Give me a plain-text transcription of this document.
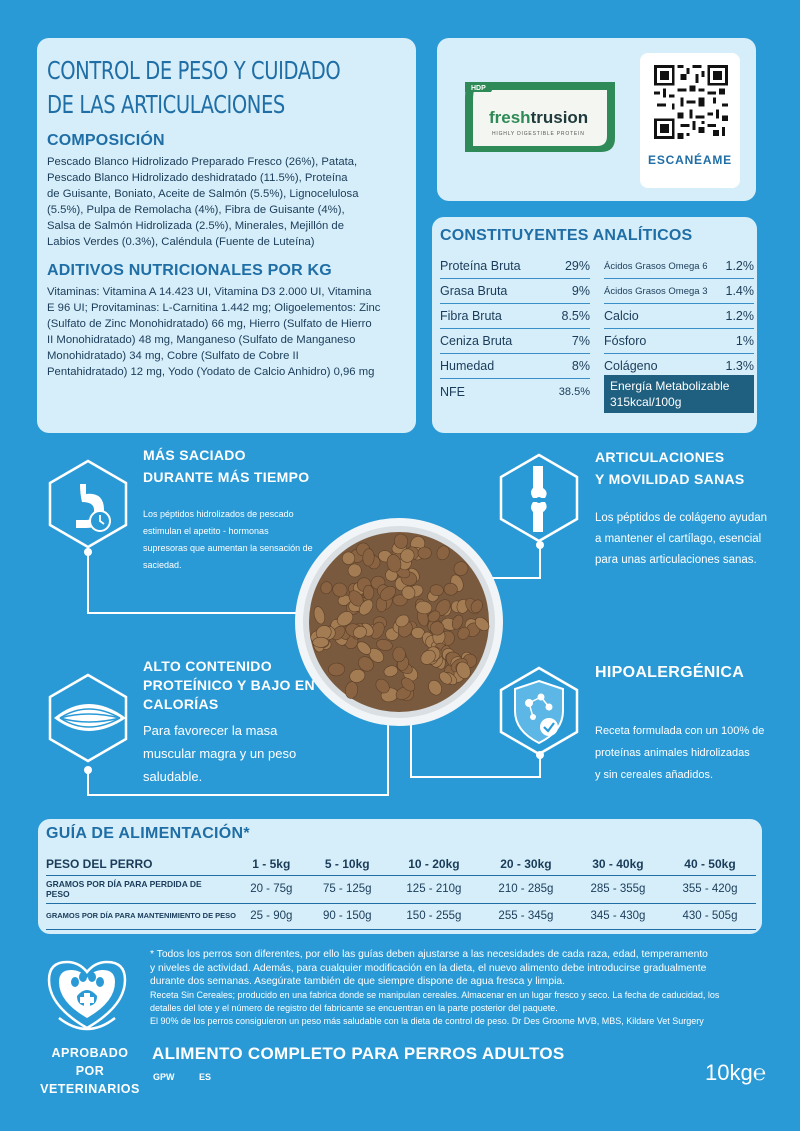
CONTROL DE PESO Y CUIDADO
DE LAS ARTICULACIONES
COMPOSICIÓN
Pescado Blanco Hidrolizado Preparado Fresco (26%), Patata,
Pescado Blanco Hidrolizado deshidratado (11.5%), Proteína
de Guisante, Boniato, Aceite de Salmón (5.5%), Lignocelulosa
(5.5%), Pulpa de Remolacha (4%), Fibra de Guisante (4%),
Salsa de Salmón Hidrolizada (2.5%), Minerales, Mejillón de
Labios Verdes (0.3%), Caléndula (Fuente de Luteína)
ADITIVOS NUTRICIONALES POR KG
Vitaminas: Vitamina A 14.423 UI, Vitamina D3 2.000 UI, Vitamina
E 96 UI; Provitaminas: L-Carnitina 1.442 mg; Oligoelementos: Zinc
(Sulfato de Zinc Monohidratado) 66 mg, Hierro (Sulfato de Hierro
II Monohidratado) 48 mg, Manganeso (Sulfato de Manganeso
Monohidratado) 34 mg, Cobre (Sulfato de Cobre II
Pentahidratado) 12 mg, Yodo (Yodato de Calcio Anhidro) 0,96 mg
HDP
freshtrusion
HIGHLY DIGESTIBLE PROTEIN
ESCANÉAME
CONSTITUYENTES ANALÍTICOS
Proteína Bruta	29%
Grasa Bruta	9%
Fibra Bruta	8.5%
Ceniza Bruta	7%
Humedad	8%
NFE	38.5%
Ácidos Grasos Omega 6 1.2%
Ácidos Grasos Omega 3 1.4%
Calcio	1.2%
Fósforo	1%
Colágeno	1.3%
Energía Metabolizable
315kcal/100g
MÁS SACIADO
DURANTE MÁS TIEMPO
Los péptidos hidrolizados de pescado
estimulan el apetito - hormonas
supresoras que aumentan la sensación de
saciedad.
ARTICULACIONES
Y MOVILIDAD SANAS
Los péptidos de colágeno ayudan
a mantener el cartílago, esencial
para unas articulaciones sanas.
ALTO CONTENIDO
PROTEÍNICO Y BAJO EN
CALORÍAS
Para favorecer la masa
muscular magra y un peso
saludable.
HIPOALERGÉNICA
Receta formulada con un 100% de
proteínas animales hidrolizadas
y sin cereales añadidos.
GUÍA DE ALIMENTACIÓN*
PESO DEL PERRO	1 - 5kg	5 - 10kg	10 - 20kg	20 - 30kg	30 - 40kg	40 - 50kg

GRAMOS POR DÍA PARA PERDIDA DE
PESO	20 - 75g	75 - 125g	125 - 210g	210 - 285g	285 - 355g	355 - 420g
GRAMOS POR DÍA PARA MANTENIMIENTO DE PESO	25 - 90g	90 - 150g	150 - 255g	255 - 345g	345 - 430g	430 - 505g
APROBADO POR
VETERINARIOS
* Todos los perros son diferentes, por ello las guías deben ajustarse a las necesidades de cada raza, edad, temperamento
y niveles de actividad. Además, para cualquier modificación en la dieta, el nuevo alimento debe introducirse gradualmente
durante dos semanas. Asegúrate también de que siempre dispone de agua fresca y limpia.
Receta Sin Cereales; producido en una fabrica donde se manipulan cereales. Almacenar en un lugar fresco y seco. La fecha de caducidad, los
detalles del lote y el número de registro del fabricante se encuentran en la parte posterior del paquete.
El 90% de los perros consiguieron un peso más saludable con la dieta de control de peso. Dr Des Groome MVB, MBS, Kildare Vet Surgery
ALIMENTO COMPLETO PARA PERROS ADULTOS
GPW	ES	10kg℮
